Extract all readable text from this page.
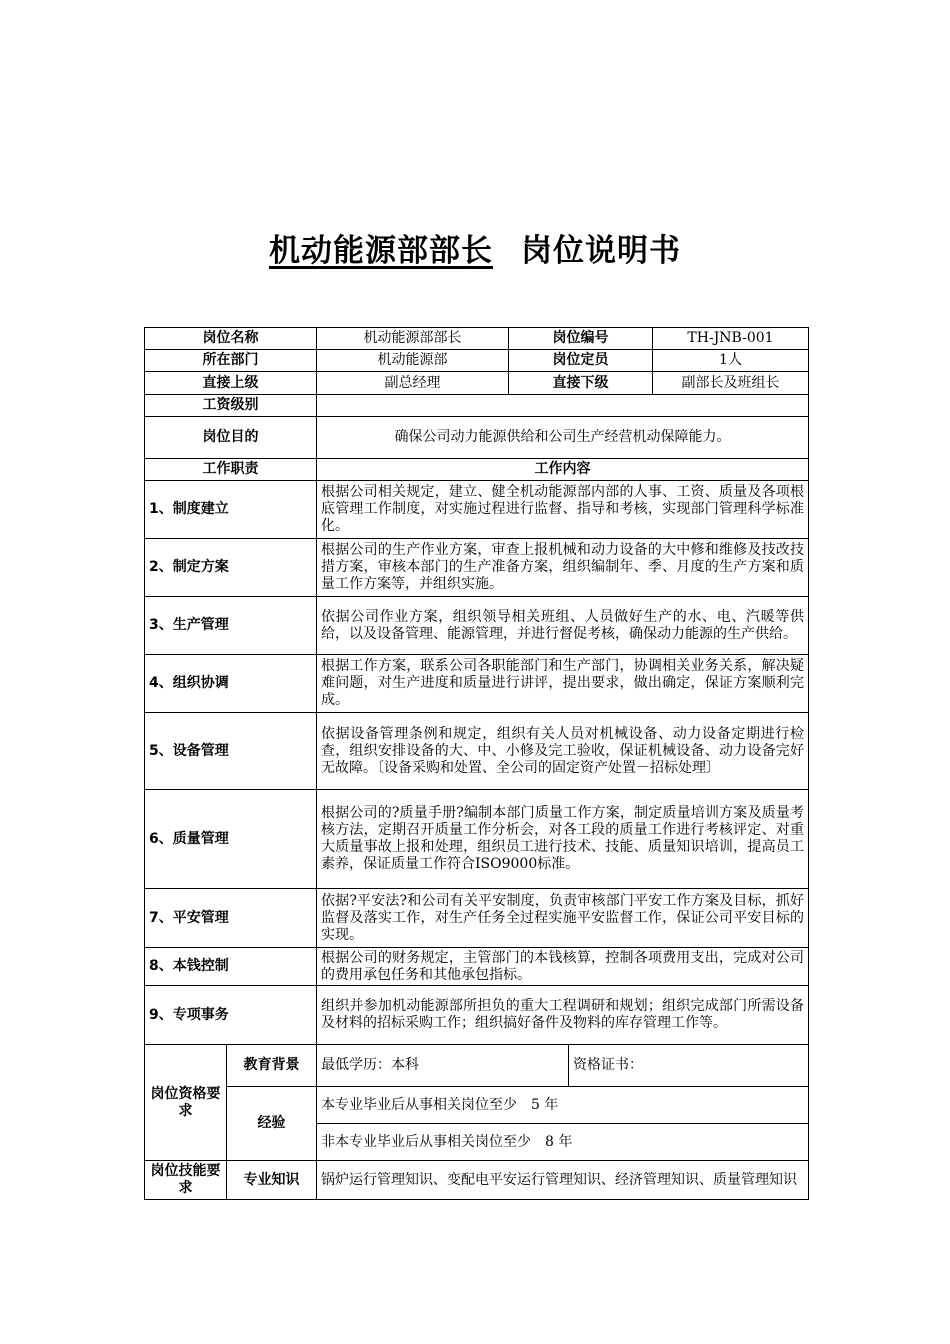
机动能源部部长 岗位说明书
岗位名称		机动能源部部长	岗位编号		TH-JNB-001
所在部门		机动能源部	岗位定员		1人
直接上级		副总经理	直接下级		副部长及班组长
工资级别					
岗位目的		确保公司动力能源供给和公司生产经营机动保障能力。			
工作职责		工作内容			
1、制度建立		根据公司相关规定，建立、健全机动能源部内部的人事、工资、质量及各项根底管理工作制度，对实施过程进行监督、指导和考核，实现部门管理科学标准化。			
2、制定方案		根据公司的生产作业方案，审查上报机械和动力设备的大中修和维修及技改技措方案，审核本部门的生产准备方案，组织编制年、季、月度的生产方案和质量工作方案等，并组织实施。			
3、生产管理		依据公司作业方案，组织领导相关班组、人员做好生产的水、电、汽暖等供给，以及设备管理、能源管理，并进行督促考核，确保动力能源的生产供给。			
4、组织协调		根据工作方案，联系公司各职能部门和生产部门，协调相关业务关系，解决疑难问题，对生产进度和质量进行讲评，提出要求，做出确定，保证方案顺利完成。			
5、设备管理		依据设备管理条例和规定，组织有关人员对机械设备、动力设备定期进行检查，组织安排设备的大、中、小修及完工验收，保证机械设备、动力设备完好无故障。〔设备采购和处置、全公司的固定资产处置－招标处理〕			
6、质量管理		根据公司的?质量手册?编制本部门质量工作方案，制定质量培训方案及质量考核方法，定期召开质量工作分析会，对各工段的质量工作进行考核评定、对重大质量事故上报和处理，组织员工进行技术、技能、质量知识培训，提高员工素养，保证质量工作符合ISO9000标准。			
7、平安管理		依据?平安法?和公司有关平安制度，负责审核部门平安工作方案及目标，抓好监督及落实工作，对生产任务全过程实施平安监督工作，保证公司平安目标的实现。			
8、本钱控制		根据公司的财务规定，主管部门的本钱核算，控制各项费用支出，完成对公司的费用承包任务和其他承包指标。			
9、专项事务		组织并参加机动能源部所担负的重大工程调研和规划；组织完成部门所需设备及材料的招标采购工作；组织搞好备件及物料的库存管理工作等。			
岗位资格要求	教育背景	最低学历：本科		资格证书：	
	经验	本专业毕业后从事相关岗位至少　5 年			
		非本专业毕业后从事相关岗位至少　8 年			
岗位技能要求	专业知识	锅炉运行管理知识、变配电平安运行管理知识、经济管理知识、质量管理知识			
